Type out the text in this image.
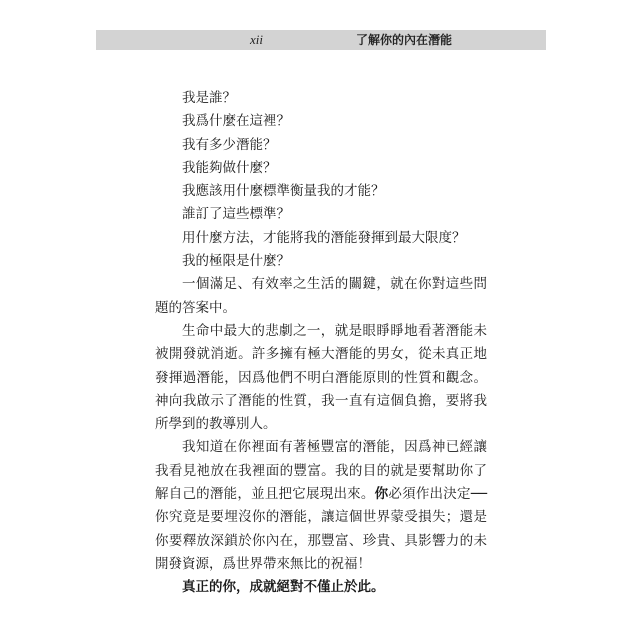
xii	了解你的內在潛能
我是誰？
我爲什麼在這裡？
我有多少潛能？
我能夠做什麼？
我應該用什麼標準衡量我的才能？
誰訂了這些標準？
用什麼方法，才能將我的潛能發揮到最大限度？
我的極限是什麼？

一個滿足、有效率之生活的關鍵，就在你對這些問題的答案中。

生命中最大的悲劇之一，就是眼睜睜地看著潛能未被開發就消逝。許多擁有極大潛能的男女，從未真正地發揮過潛能，因爲他們不明白潛能原則的性質和觀念。神向我啟示了潛能的性質，我一直有這個負擔，要將我所學到的教導別人。

我知道在你裡面有著極豐富的潛能，因爲神已經讓我看見祂放在我裡面的豐富。我的目的就是要幫助你了解自己的潛能，並且把它展現出來。你必須作出決定──你究竟是要埋沒你的潛能，讓這個世界蒙受損失；還是你要釋放深鎖於你內在，那豐富、珍貴、具影響力的未開發資源，爲世界帶來無比的祝福！

真正的你，成就絕對不僅止於此。
